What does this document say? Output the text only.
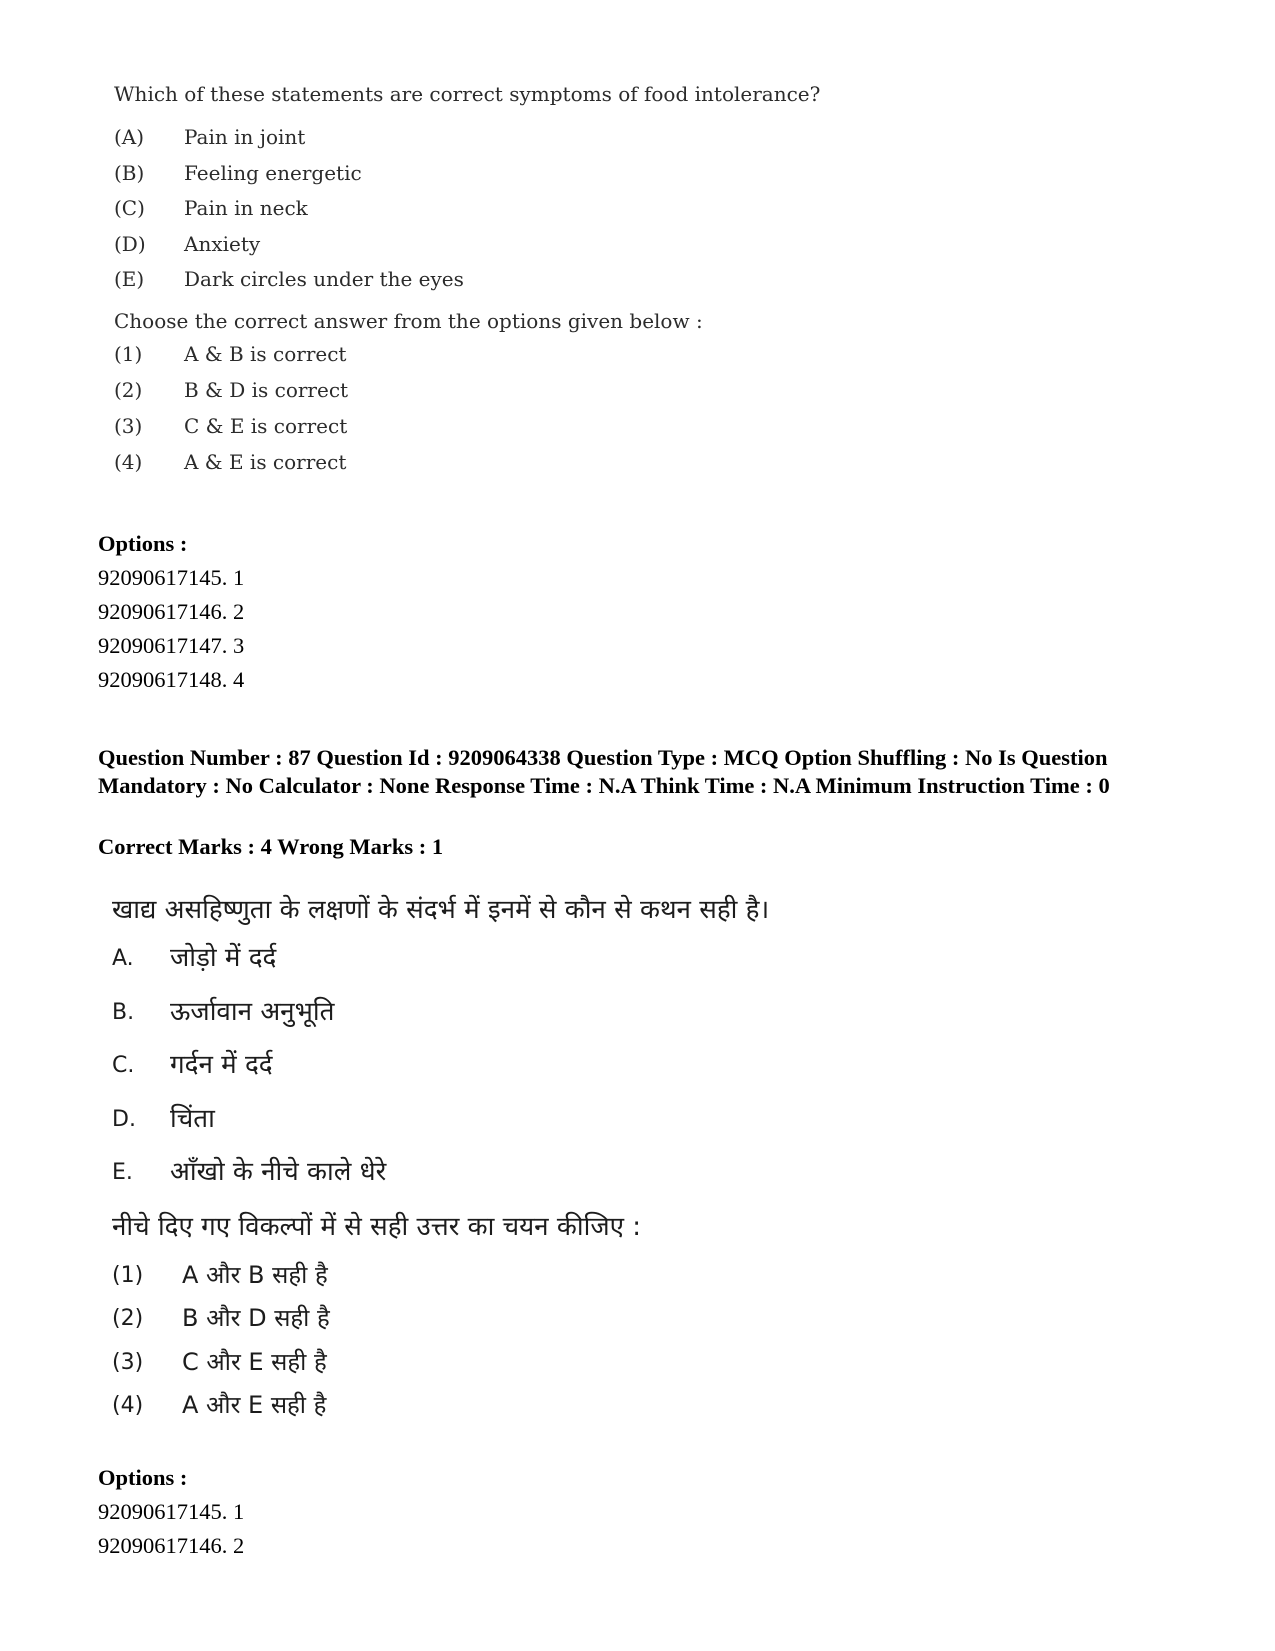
Which of these statements are correct symptoms of food intolerance?
(A)	Pain in joint
(B)	Feeling energetic
(C)	Pain in neck
(D)	Anxiety
(E)	Dark circles under the eyes
Choose the correct answer from the options given below :
(1)	A & B is correct
(2)	B & D is correct
(3)	C & E is correct
(4)	A & E is correct
Options :
92090617145. 1
92090617146. 2
92090617147. 3
92090617148. 4
Question Number : 87 Question Id : 9209064338 Question Type : MCQ Option Shuffling : No Is Question Mandatory : No Calculator : None Response Time : N.A Think Time : N.A Minimum Instruction Time : 0
Correct Marks : 4 Wrong Marks : 1
खाद्य असहिष्णुता के लक्षणों के संदर्भ में इनमें से कौन से कथन सही है।
A.	जोड़ो में दर्द
B.	ऊर्जावान अनुभूति
C.	गर्दन में दर्द
D.	चिंता
E.	आँखो के नीचे काले धेरे
नीचे दिए गए विकल्पों में से सही उत्तर का चयन कीजिए :
(1)	A और B सही है
(2)	B और D सही है
(3)	C और E सही है
(4)	A और E सही है
Options :
92090617145. 1
92090617146. 2
